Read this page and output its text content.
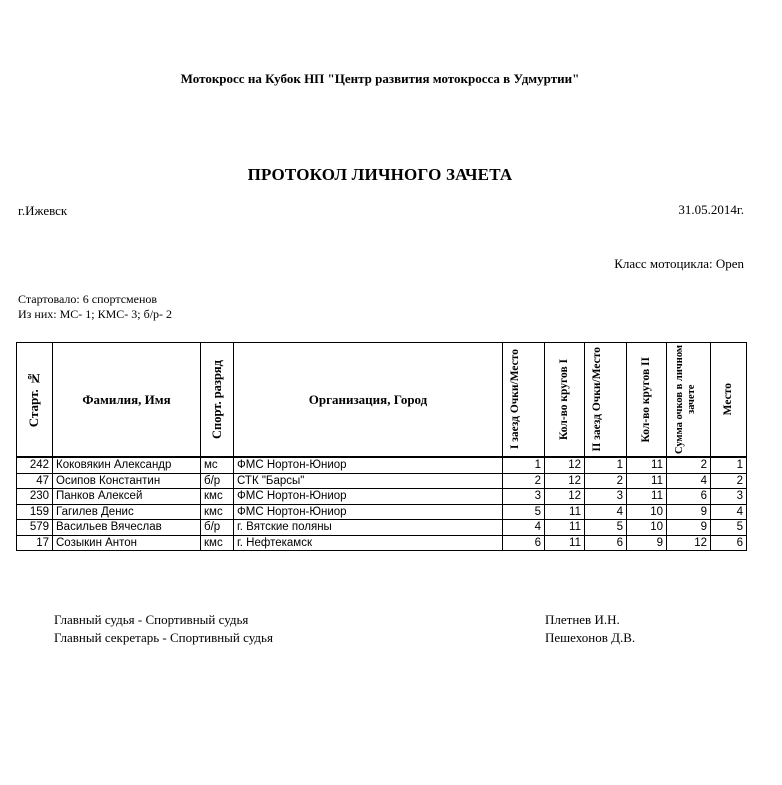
Мотокросс на Кубок НП "Центр развития мотокросса в Удмуртии"
ПРОТОКОЛ ЛИЧНОГО ЗАЧЕТА
г.Ижевск	31.05.2014г.
Класс мотоцикла: Open
Стартовало: 6 спортсменов
Из них: МС- 1; КМС- 3; б/р- 2
Старт. №	Фамилия, Имя	Спорт. разряд	Организация, Город	I заезд Очки/Место	Кол-во кругов I	II заезд Очки/Место	Кол-во кругов II	Сумма очков в личном зачете	Место

242	Коковякин Александр	мс	ФМС Нортон-Юниор	1	12	1	11	2	1
47	Осипов Константин	б/р	СТК "Барсы"	2	12	2	11	4	2
230	Панков Алексей	кмс	ФМС Нортон-Юниор	3	12	3	11	6	3
159	Гагилев Денис	кмс	ФМС Нортон-Юниор	5	11	4	10	9	4
579	Васильев Вячеслав	б/р	г. Вятские поляны	4	11	5	10	9	5
17	Созыкин Антон	кмс	г. Нефтекамск	6	11	6	9	12	6
Главный судья - Спортивный судья	Плетнев И.Н.
Главный секретарь - Спортивный судья	Пешехонов Д.В.
